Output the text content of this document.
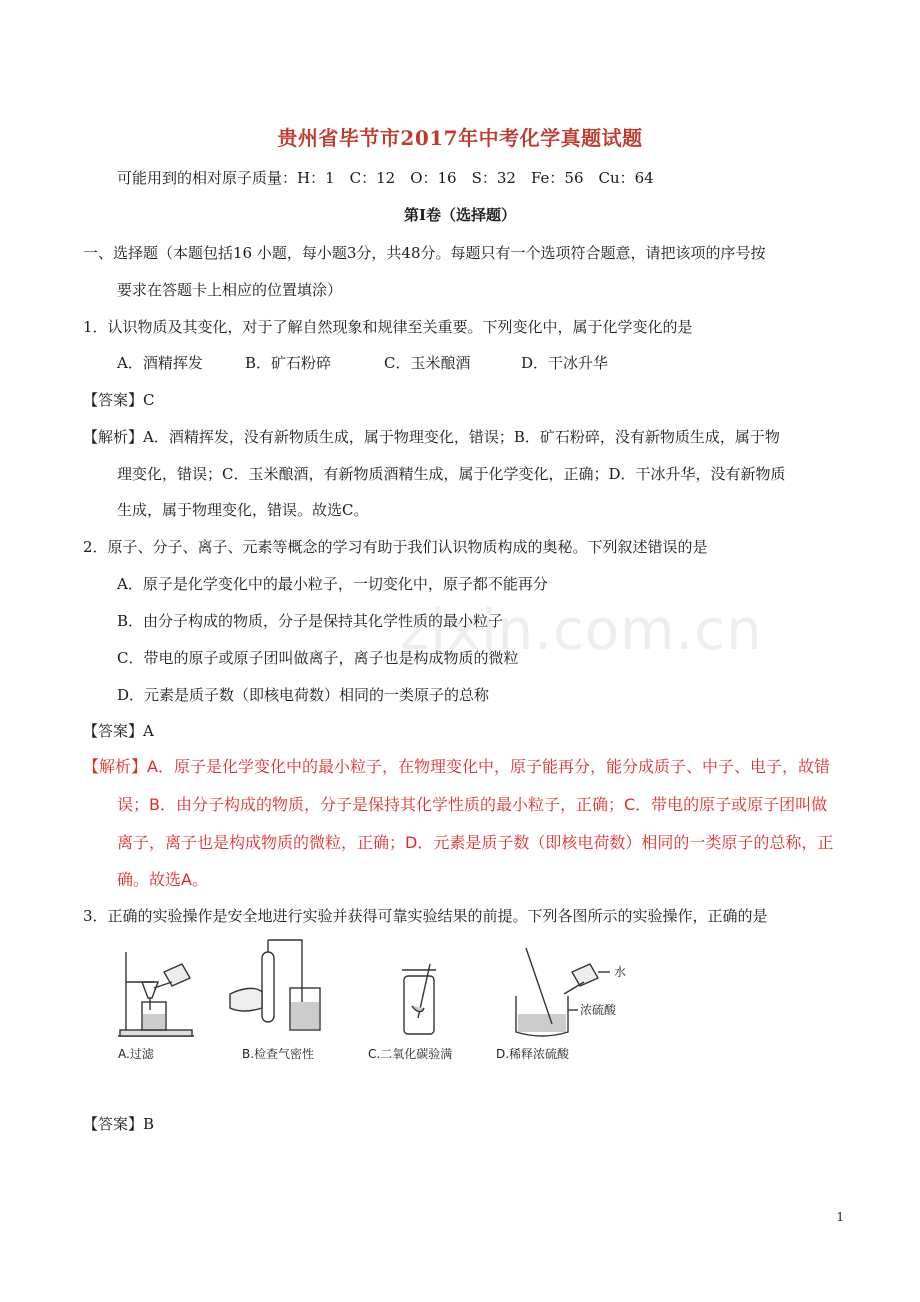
贵州省毕节市2017年中考化学真题试题
可能用到的相对原子质量：H：1　C：12　O：16　S：32　Fe：56　Cu：64
第Ⅰ卷（选择题）
一、选择题（本题包括16 小题，每小题3分，共48分。每题只有一个选项符合题意，请把该项的序号按
要求在答题卡上相应的位置填涂）
1．认识物质及其变化，对于了解自然现象和规律至关重要。下列变化中，属于化学变化的是
A．酒精挥发	B．矿石粉碎	C．玉米酿酒	D．干冰升华
【答案】C
【解析】A．酒精挥发，没有新物质生成，属于物理变化，错误；B．矿石粉碎，没有新物质生成，属于物
理变化，错误；C．玉米酿酒，有新物质酒精生成，属于化学变化，正确；D．干冰升华，没有新物质
生成，属于物理变化，错误。故选C。
2．原子、分子、离子、元素等概念的学习有助于我们认识物质构成的奥秘。下列叙述错误的是
A．原子是化学变化中的最小粒子，一切变化中，原子都不能再分
B．由分子构成的物质，分子是保持其化学性质的最小粒子
C．带电的原子或原子团叫做离子，离子也是构成物质的微粒
D．元素是质子数（即核电荷数）相同的一类原子的总称
【答案】A
【解析】A．原子是化学变化中的最小粒子，在物理变化中，原子能再分，能分成质子、中子、电子，故错
误；B．由分子构成的物质，分子是保持其化学性质的最小粒子，正确；C．带电的原子或原子团叫做
离子，离子也是构成物质的微粒，正确；D．元素是质子数（即核电荷数）相同的一类原子的总称，正
确。故选A。
3．正确的实验操作是安全地进行实验并获得可靠实验结果的前提。下列各图所示的实验操作，正确的是
A.过滤	B.检查气密性	C.二氧化碳验满
水
浓硫酸
D.稀释浓硫酸
【答案】B
zixin.com.cn
1
